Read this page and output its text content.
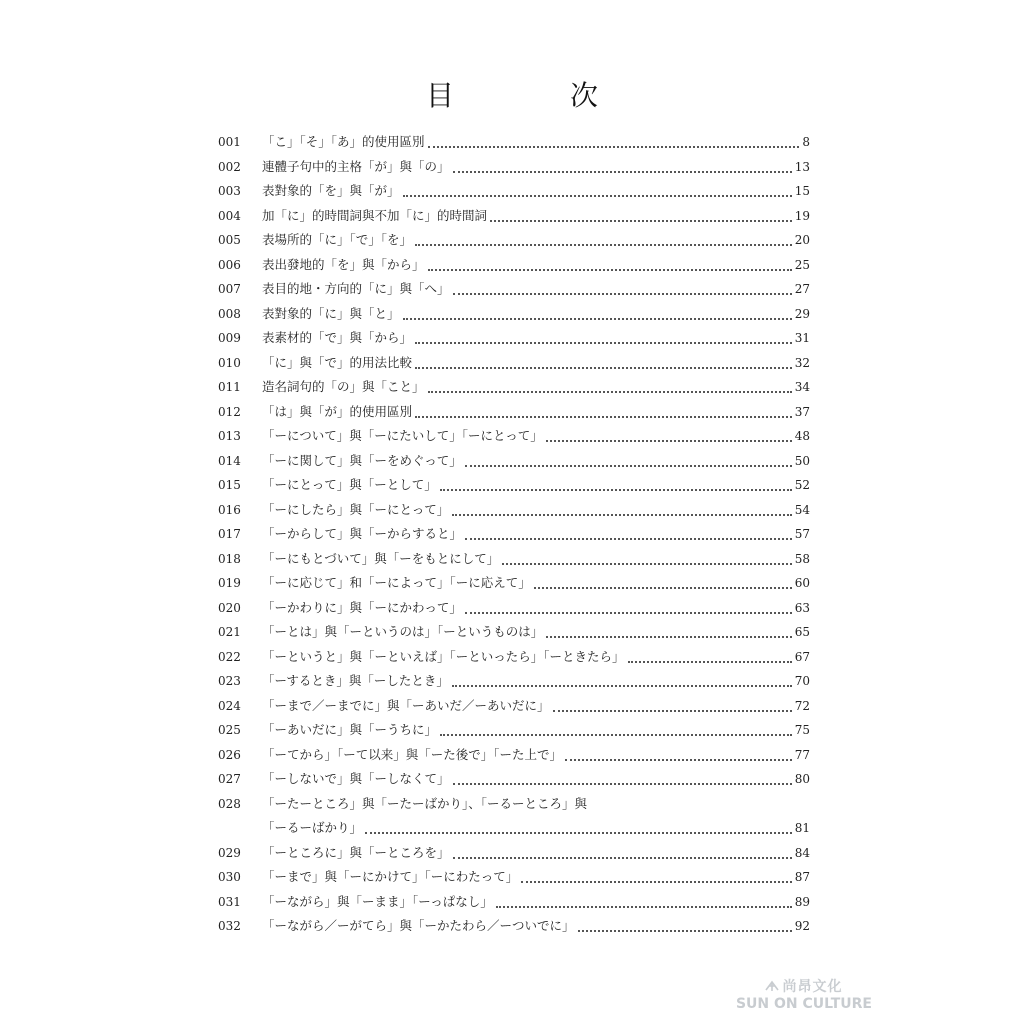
目　次
001	「こ」「そ」「あ」的使用區別	8
002	連體子句中的主格「が」與「の」	13
003	表對象的「を」與「が」	15
004	加「に」的時間詞與不加「に」的時間詞	19
005	表場所的「に」「で」「を」	20
006	表出發地的「を」與「から」	25
007	表目的地・方向的「に」與「へ」	27
008	表對象的「に」與「と」	29
009	表素材的「で」與「から」	31
010	「に」與「で」的用法比較	32
011	造名詞句的「の」與「こと」	34
012	「は」與「が」的使用區別	37
013	「ーについて」與「ーにたいして」「ーにとって」	48
014	「ーに関して」與「ーをめぐって」	50
015	「ーにとって」與「ーとして」	52
016	「ーにしたら」與「ーにとって」	54
017	「ーからして」與「ーからすると」	57
018	「ーにもとづいて」與「ーをもとにして」	58
019	「ーに応じて」和「ーによって」「ーに応えて」	60
020	「ーかわりに」與「ーにかわって」	63
021	「ーとは」與「ーというのは」「ーというものは」	65
022	「ーというと」與「ーといえば」「ーといったら」「ーときたら」	67
023	「ーするとき」與「ーしたとき」	70
024	「ーまで／ーまでに」與「ーあいだ／ーあいだに」	72
025	「ーあいだに」與「ーうちに」	75
026	「ーてから」「ーて以来」與「ーた後で」「ーた上で」	77
027	「ーしないで」與「ーしなくて」	80
028	「ーたーところ」與「ーたーばかり」、「ーるーところ」與
「ーるーばかり」	81
029	「ーところに」與「ーところを」	84
030	「ーまで」與「ーにかけて」「ーにわたって」	87
031	「ーながら」與「ーまま」「ーっぱなし」	89
032	「ーながら／ーがてら」與「ーかたわら／ーついでに」	92
尚昂文化
SUN ON CULTURE
